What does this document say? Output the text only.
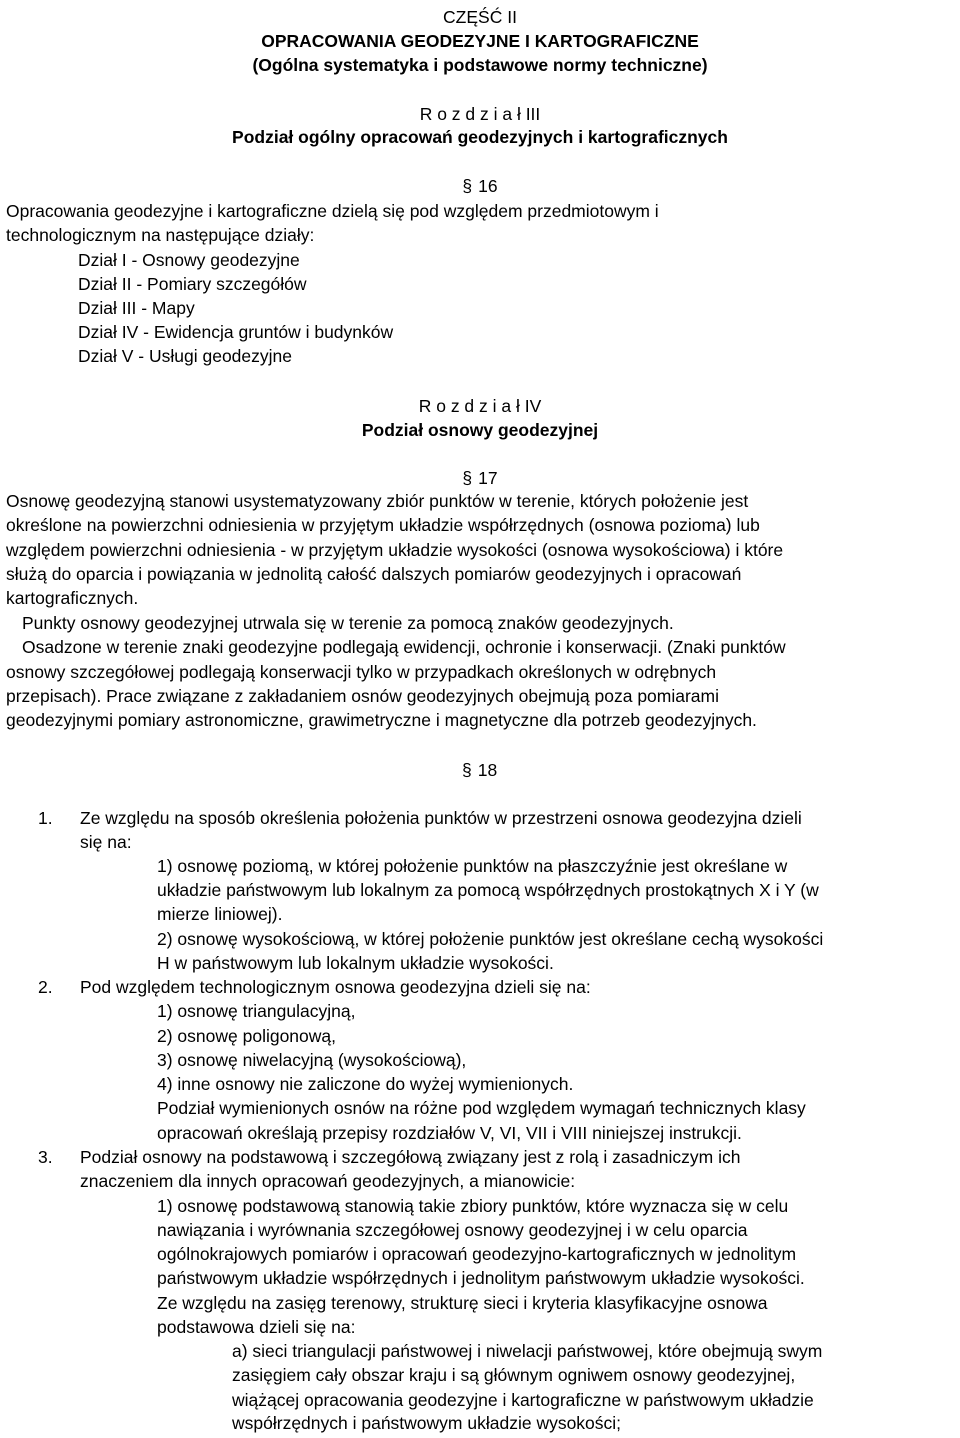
CZĘŚĆ II
OPRACOWANIA GEODEZYJNE I KARTOGRAFICZNE
(Ogólna systematyka i podstawowe normy techniczne)
R o z d z i a ł III
Podział ogólny opracowań geodezyjnych i kartograficznych
§ 16
Opracowania geodezyjne i kartograficzne dzielą się pod względem przedmiotowym i
technologicznym na następujące działy:
Dział I - Osnowy geodezyjne
Dział II - Pomiary szczegółów
Dział III - Mapy
Dział IV - Ewidencja gruntów i budynków
Dział V - Usługi geodezyjne
R o z d z i a ł IV
Podział osnowy geodezyjnej
§ 17
Osnowę geodezyjną stanowi usystematyzowany zbiór punktów w terenie, których położenie jest
określone na powierzchni odniesienia w przyjętym układzie współrzędnych (osnowa pozioma) lub
względem powierzchni odniesienia - w przyjętym układzie wysokości (osnowa wysokościowa) i które
służą do oparcia i powiązania w jednolitą całość dalszych pomiarów geodezyjnych i opracowań
kartograficznych.
Punkty osnowy geodezyjnej utrwala się w terenie za pomocą znaków geodezyjnych.
Osadzone w terenie znaki geodezyjne podlegają ewidencji, ochronie i konserwacji. (Znaki punktów
osnowy szczegółowej podlegają konserwacji tylko w przypadkach określonych w odrębnych
przepisach). Prace związane z zakładaniem osnów geodezyjnych obejmują poza pomiarami
geodezyjnymi pomiary astronomiczne, grawimetryczne i magnetyczne dla potrzeb geodezyjnych.
§ 18
1. Ze względu na sposób określenia położenia punktów w przestrzeni osnowa geodezyjna dzieli
się na:
1) osnowę poziomą, w której położenie punktów na płaszczyźnie jest określane w
układzie państwowym lub lokalnym za pomocą współrzędnych prostokątnych X i Y (w
mierze liniowej).
2) osnowę wysokościową, w której położenie punktów jest określane cechą wysokości
H w państwowym lub lokalnym układzie wysokości.
2. Pod względem technologicznym osnowa geodezyjna dzieli się na:
1) osnowę triangulacyjną,
2) osnowę poligonową,
3) osnowę niwelacyjną (wysokościową),
4) inne osnowy nie zaliczone do wyżej wymienionych.
Podział wymienionych osnów na różne pod względem wymagań technicznych klasy
opracowań określają przepisy rozdziałów V, VI, VII i VIII niniejszej instrukcji.
3. Podział osnowy na podstawową i szczegółową związany jest z rolą i zasadniczym ich
znaczeniem dla innych opracowań geodezyjnych, a mianowicie:
1) osnowę podstawową stanowią takie zbiory punktów, które wyznacza się w celu
nawiązania i wyrównania szczegółowej osnowy geodezyjnej i w celu oparcia
ogólnokrajowych pomiarów i opracowań geodezyjno-kartograficznych w jednolitym
państwowym układzie współrzędnych i jednolitym państwowym układzie wysokości.
Ze względu na zasięg terenowy, strukturę sieci i kryteria klasyfikacyjne osnowa
podstawowa dzieli się na:
a) sieci triangulacji państwowej i niwelacji państwowej, które obejmują swym
zasięgiem cały obszar kraju i są głównym ogniwem osnowy geodezyjnej,
wiążącej opracowania geodezyjne i kartograficzne w państwowym układzie
współrzędnych i państwowym układzie wysokości;
